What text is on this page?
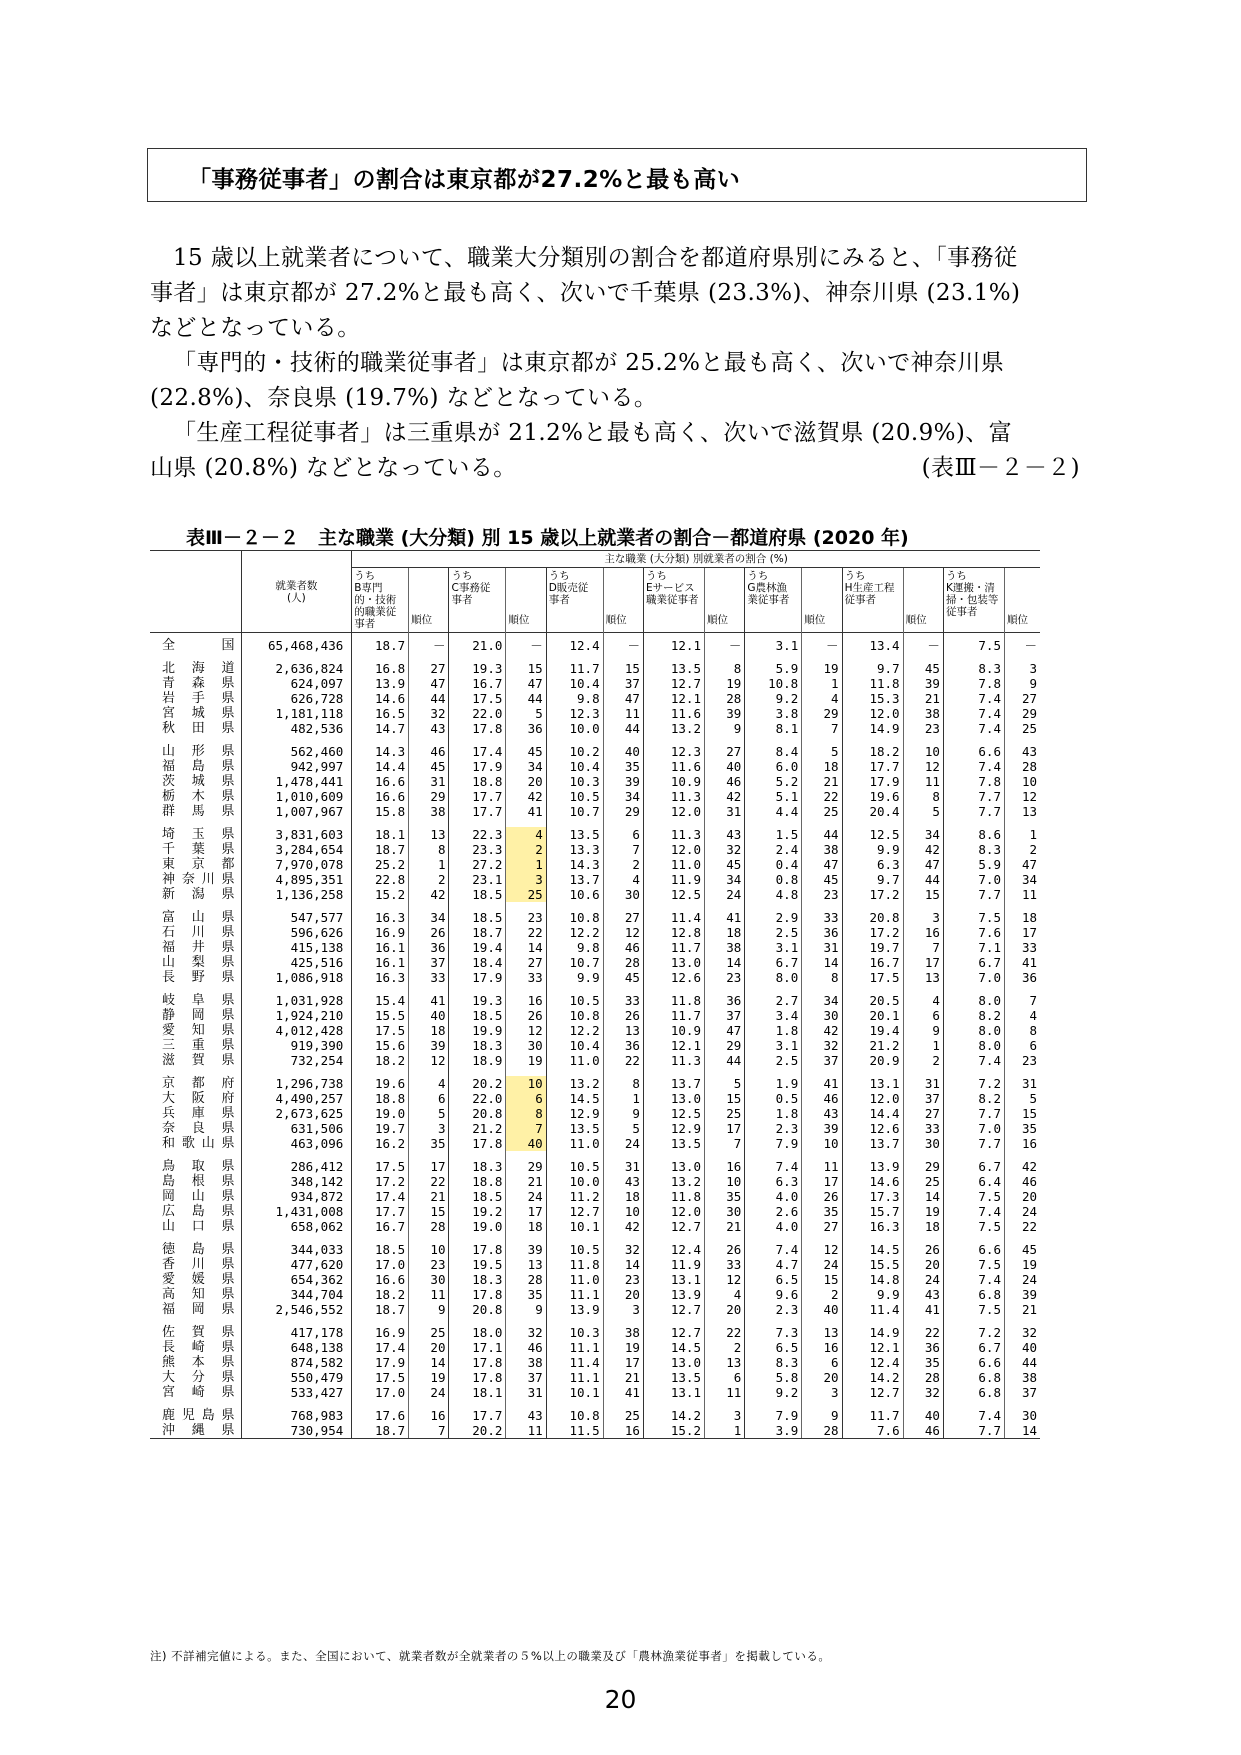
「事務従事者」の割合は東京都が27.2%と最も高い

15 歳以上就業者について、職業大分類別の割合を都道府県別にみると、「事務従

事者」は東京都が 27.2%と最も高く、次いで千葉県 (23.3%)、神奈川県 (23.1%)

などとなっている。

「専門的・技術的職業従事者」は東京都が 25.2%と最も高く、次いで神奈川県

(22.8%)、奈良県 (19.7%) などとなっている。

「生産工程従事者」は三重県が 21.2%と最も高く、次いで滋賀県 (20.9%)、富

山県 (20.8%) などとなっている。	(表Ⅲ－２－２)

表Ⅲ－２－２　主な職業 (大分類) 別 15 歳以上就業者の割合－都道府県 (2020 年)
	就業者数
(人)	主な職業 (大分類) 別就業者の割合 (%)													
		うち
B専門
的・技術
的職業従
事者	順位	うち
C事務従
事者	順位	うち
D販売従
事者	順位	うち
Eサービス
職業従事者	順位	うち
G農林漁
業従事者	順位	うち
H生産工程
従事者	順位	うち
K運搬・清
掃・包装等
従事者	順位

全国	65,468,436	18.7	－	21.0	－	12.4	－	12.1	－	3.1	－	13.4	－	7.5	－

北海道	2,636,824	16.8	27	19.3	15	11.7	15	13.5	8	5.9	19	9.7	45	8.3	3
青森県	624,097	13.9	47	16.7	47	10.4	37	12.7	19	10.8	1	11.8	39	7.8	9
岩手県	626,728	14.6	44	17.5	44	9.8	47	12.1	28	9.2	4	15.3	21	7.4	27
宮城県	1,181,118	16.5	32	22.0	5	12.3	11	11.6	39	3.8	29	12.0	38	7.4	29
秋田県	482,536	14.7	43	17.8	36	10.0	44	13.2	9	8.1	7	14.9	23	7.4	25

山形県	562,460	14.3	46	17.4	45	10.2	40	12.3	27	8.4	5	18.2	10	6.6	43
福島県	942,997	14.4	45	17.9	34	10.4	35	11.6	40	6.0	18	17.7	12	7.4	28
茨城県	1,478,441	16.6	31	18.8	20	10.3	39	10.9	46	5.2	21	17.9	11	7.8	10
栃木県	1,010,609	16.6	29	17.7	42	10.5	34	11.3	42	5.1	22	19.6	8	7.7	12
群馬県	1,007,967	15.8	38	17.7	41	10.7	29	12.0	31	4.4	25	20.4	5	7.7	13

埼玉県	3,831,603	18.1	13	22.3	4	13.5	6	11.3	43	1.5	44	12.5	34	8.6	1
千葉県	3,284,654	18.7	8	23.3	2	13.3	7	12.0	32	2.4	38	9.9	42	8.3	2
東京都	7,970,078	25.2	1	27.2	1	14.3	2	11.0	45	0.4	47	6.3	47	5.9	47
神奈川県	4,895,351	22.8	2	23.1	3	13.7	4	11.9	34	0.8	45	9.7	44	7.0	34
新潟県	1,136,258	15.2	42	18.5	25	10.6	30	12.5	24	4.8	23	17.2	15	7.7	11

富山県	547,577	16.3	34	18.5	23	10.8	27	11.4	41	2.9	33	20.8	3	7.5	18
石川県	596,626	16.9	26	18.7	22	12.2	12	12.8	18	2.5	36	17.2	16	7.6	17
福井県	415,138	16.1	36	19.4	14	9.8	46	11.7	38	3.1	31	19.7	7	7.1	33
山梨県	425,516	16.1	37	18.4	27	10.7	28	13.0	14	6.7	14	16.7	17	6.7	41
長野県	1,086,918	16.3	33	17.9	33	9.9	45	12.6	23	8.0	8	17.5	13	7.0	36

岐阜県	1,031,928	15.4	41	19.3	16	10.5	33	11.8	36	2.7	34	20.5	4	8.0	7
静岡県	1,924,210	15.5	40	18.5	26	10.8	26	11.7	37	3.4	30	20.1	6	8.2	4
愛知県	4,012,428	17.5	18	19.9	12	12.2	13	10.9	47	1.8	42	19.4	9	8.0	8
三重県	919,390	15.6	39	18.3	30	10.4	36	12.1	29	3.1	32	21.2	1	8.0	6
滋賀県	732,254	18.2	12	18.9	19	11.0	22	11.3	44	2.5	37	20.9	2	7.4	23

京都府	1,296,738	19.6	4	20.2	10	13.2	8	13.7	5	1.9	41	13.1	31	7.2	31
大阪府	4,490,257	18.8	6	22.0	6	14.5	1	13.0	15	0.5	46	12.0	37	8.2	5
兵庫県	2,673,625	19.0	5	20.8	8	12.9	9	12.5	25	1.8	43	14.4	27	7.7	15
奈良県	631,506	19.7	3	21.2	7	13.5	5	12.9	17	2.3	39	12.6	33	7.0	35
和歌山県	463,096	16.2	35	17.8	40	11.0	24	13.5	7	7.9	10	13.7	30	7.7	16

鳥取県	286,412	17.5	17	18.3	29	10.5	31	13.0	16	7.4	11	13.9	29	6.7	42
島根県	348,142	17.2	22	18.8	21	10.0	43	13.2	10	6.3	17	14.6	25	6.4	46
岡山県	934,872	17.4	21	18.5	24	11.2	18	11.8	35	4.0	26	17.3	14	7.5	20
広島県	1,431,008	17.7	15	19.2	17	12.7	10	12.0	30	2.6	35	15.7	19	7.4	24
山口県	658,062	16.7	28	19.0	18	10.1	42	12.7	21	4.0	27	16.3	18	7.5	22

徳島県	344,033	18.5	10	17.8	39	10.5	32	12.4	26	7.4	12	14.5	26	6.6	45
香川県	477,620	17.0	23	19.5	13	11.8	14	11.9	33	4.7	24	15.5	20	7.5	19
愛媛県	654,362	16.6	30	18.3	28	11.0	23	13.1	12	6.5	15	14.8	24	7.4	24
高知県	344,704	18.2	11	17.8	35	11.1	20	13.9	4	9.6	2	9.9	43	6.8	39
福岡県	2,546,552	18.7	9	20.8	9	13.9	3	12.7	20	2.3	40	11.4	41	7.5	21

佐賀県	417,178	16.9	25	18.0	32	10.3	38	12.7	22	7.3	13	14.9	22	7.2	32
長崎県	648,138	17.4	20	17.1	46	11.1	19	14.5	2	6.5	16	12.1	36	6.7	40
熊本県	874,582	17.9	14	17.8	38	11.4	17	13.0	13	8.3	6	12.4	35	6.6	44
大分県	550,479	17.5	19	17.8	37	11.1	21	13.5	6	5.8	20	14.2	28	6.8	38
宮崎県	533,427	17.0	24	18.1	31	10.1	41	13.1	11	9.2	3	12.7	32	6.8	37

鹿児島県	768,983	17.6	16	17.7	43	10.8	25	14.2	3	7.9	9	11.7	40	7.4	30
沖縄県	730,954	18.7	7	20.2	11	11.5	16	15.2	1	3.9	28	7.6	46	7.7	14
注) 不詳補完値による。また、全国において、就業者数が全就業者の５%以上の職業及び「農林漁業従事者」を掲載している。
20
